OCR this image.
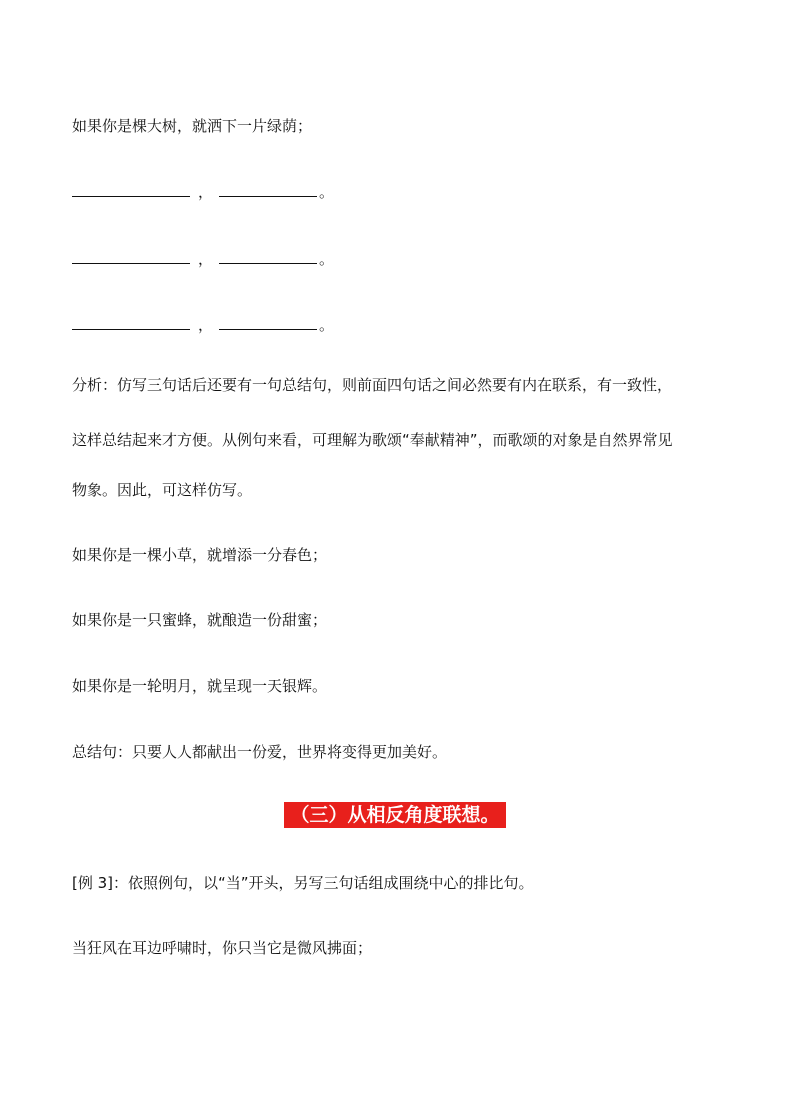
如果你是棵大树，就洒下一片绿荫；
，	。
，	。
，	。
分析：仿写三句话后还要有一句总结句，则前面四句话之间必然要有内在联系，有一致性，
这样总结起来才方便。从例句来看，可理解为歌颂“奉献精神”，而歌颂的对象是自然界常见
物象。因此，可这样仿写。
如果你是一棵小草，就增添一分春色；
如果你是一只蜜蜂，就酿造一份甜蜜；
如果你是一轮明月，就呈现一天银辉。
总结句：只要人人都献出一份爱，世界将变得更加美好。
（三）从相反角度联想。
[例 3]：依照例句，以“当”开头，另写三句话组成围绕中心的排比句。
当狂风在耳边呼啸时，你只当它是微风拂面；
